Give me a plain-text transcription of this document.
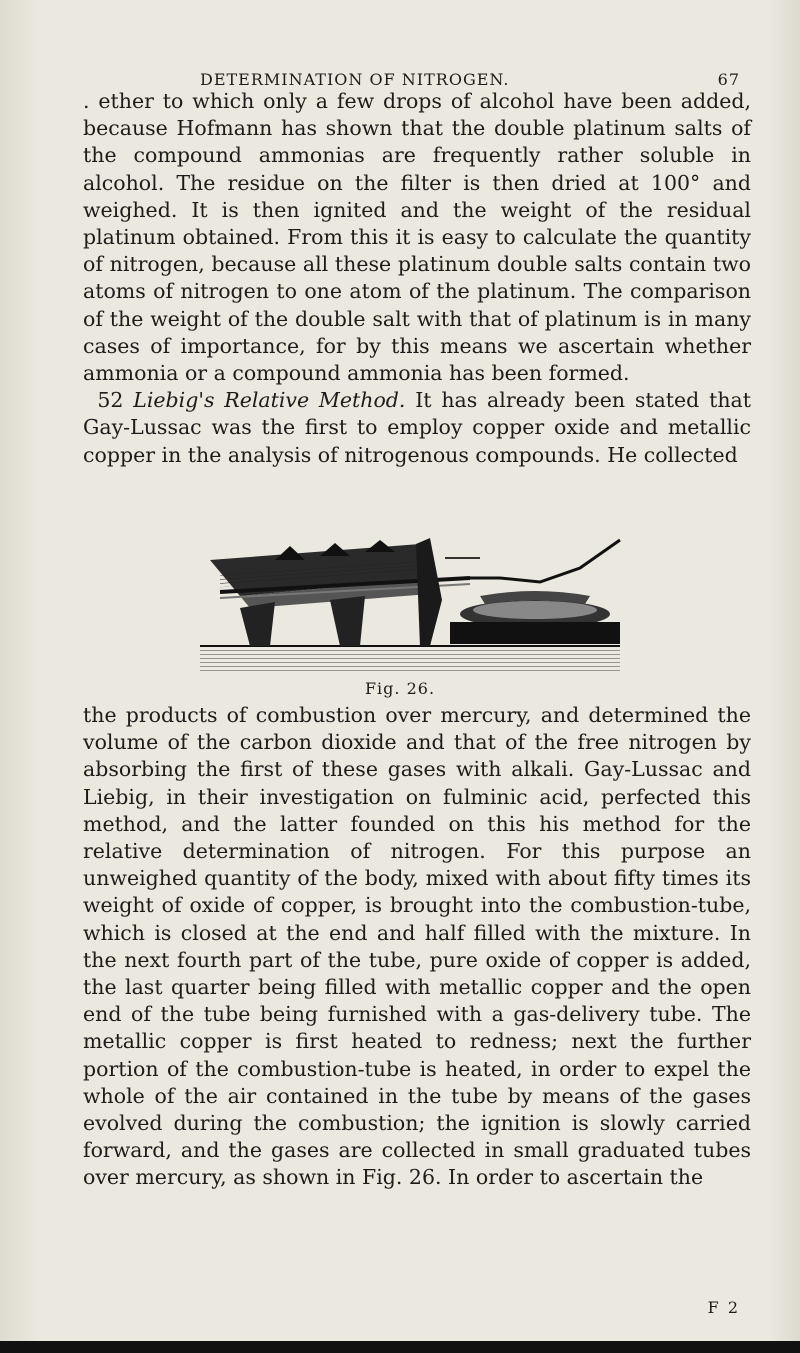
DETERMINATION OF NITROGEN.	67

. ether to which only a few drops of alcohol have been added, because Hofmann has shown that the double platinum salts of the compound ammonias are frequently rather soluble in alcohol. The residue on the filter is then dried at 100° and weighed. It is then ignited and the weight of the residual platinum obtained. From this it is easy to calculate the quantity of nitrogen, because all these platinum double salts contain two atoms of nitrogen to one atom of the platinum. The comparison of the weight of the double salt with that of platinum is in many cases of importance, for by this means we ascertain whether ammonia or a compound ammonia has been formed.

52 Liebig's Relative Method. It has already been stated that Gay-Lussac was the first to employ copper oxide and metallic copper in the analysis of nitrogenous compounds. He collected

Fig. 26.

the products of combustion over mercury, and determined the volume of the carbon dioxide and that of the free nitrogen by absorbing the first of these gases with alkali. Gay-Lussac and Liebig, in their investigation on fulminic acid, perfected this method, and the latter founded on this his method for the relative determination of nitrogen. For this purpose an unweighed quantity of the body, mixed with about fifty times its weight of oxide of copper, is brought into the combustion-tube, which is closed at the end and half filled with the mixture. In the next fourth part of the tube, pure oxide of copper is added, the last quarter being filled with metallic copper and the open end of the tube being furnished with a gas-delivery tube. The metallic copper is first heated to redness; next the further portion of the combustion-tube is heated, in order to expel the whole of the air contained in the tube by means of the gases evolved during the combustion; the ignition is slowly carried forward, and the gases are collected in small graduated tubes over mercury, as shown in Fig. 26. In order to ascertain the

F 2
